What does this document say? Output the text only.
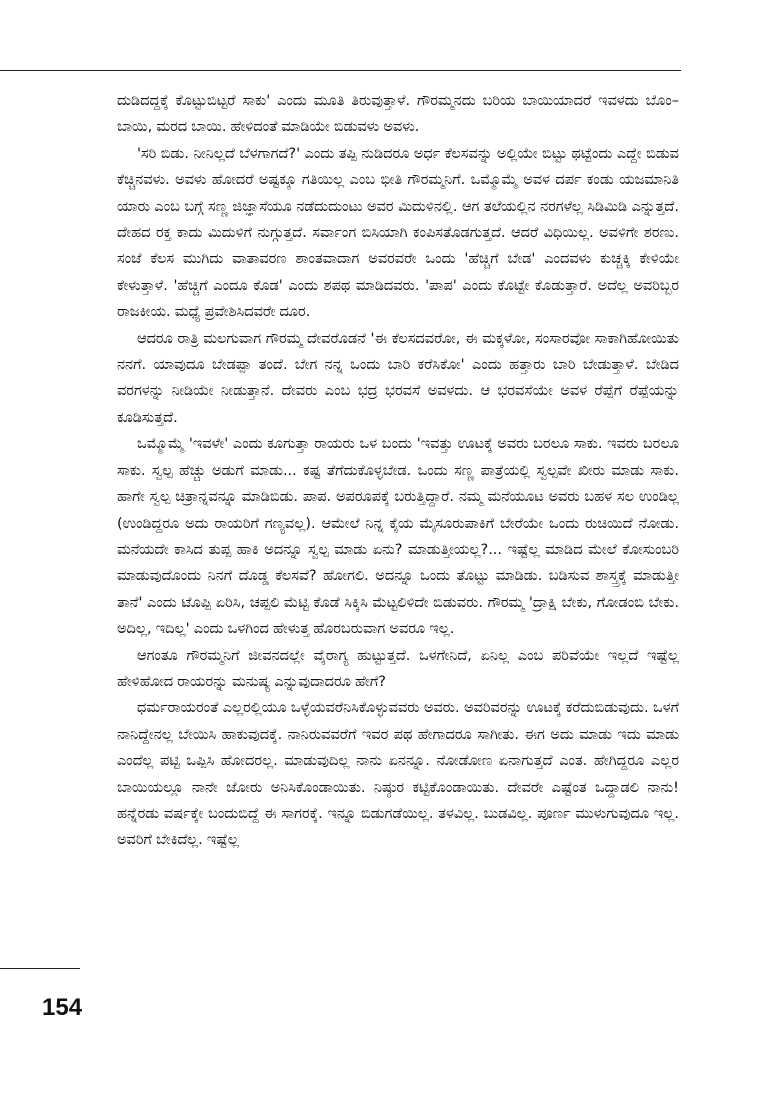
ದುಡಿದದ್ದಕ್ಕೆ ಕೊಟ್ಟುಬಿಟ್ಟರೆ ಸಾಕು' ಎಂದು ಮೂತಿ ತಿರುವುತ್ತಾಳೆ. ಗೌರಮ್ಮನದು ಬರಿಯ ಬಾಯಿಯಾದರೆ ಇವಳದು ಬೊಂ–ಬಾಯಿ, ಮರದ ಬಾಯಿ. ಹೇಳಿದಂತೆ ಮಾಡಿಯೇ ಬಿಡುವಳು ಅವಳು.

'ಸರಿ ಬಿಡು. ನೀನಿಲ್ಲದೆ ಬೆಳಗಾಗದೆ?' ಎಂದು ತಪ್ಪಿ ನುಡಿದರೂ ಅರ್ಧ ಕೆಲಸವನ್ನು ಅಲ್ಲಿಯೇ ಬಿಟ್ಟು ಥಟ್ಟೆಂದು ಎದ್ದೇ ಬಿಡುವ ಕೆಚ್ಚಿನವಳು. ಅವಳು ಹೋದರೆ ಅಷ್ಟಕ್ಕೂ ಗತಿಯಿಲ್ಲ ಎಂಬ ಭೀತಿ ಗೌರಮ್ಮನಿಗೆ. ಒಮ್ಮೊಮ್ಮೆ ಅವಳ ದರ್ಪ ಕಂಡು ಯಜಮಾನಿತಿ ಯಾರು ಎಂಬ ಬಗ್ಗೆ ಸಣ್ಣ ಜಿಜ್ಞಾಸೆಯೂ ನಡೆದುದುಂಟು ಅವರ ಮಿದುಳಿನಲ್ಲಿ. ಆಗ ತಲೆಯಲ್ಲಿನ ನರಗಳೆಲ್ಲ ಸಿಡಿಮಿಡಿ ಎನ್ನುತ್ತದೆ. ದೇಹದ ರಕ್ತ ಕಾದು ಮಿದುಳಿಗೆ ನುಗ್ಗುತ್ತದೆ. ಸರ್ವಾಂಗ ಬಿಸಿಯಾಗಿ ಕಂಪಿಸತೊಡಗುತ್ತದೆ. ಆದರೆ ವಿಧಿಯಿಲ್ಲ. ಅವಳಿಗೇ ಶರಣು. ಸಂಜೆ ಕೆಲಸ ಮುಗಿದು ವಾತಾವರಣ ಶಾಂತವಾದಾಗ ಅವರವರೇ ಒಂದು 'ಹೆಚ್ಚಿಗೆ ಬೇಡ' ಎಂದವಳು ಕುಚ್ಚಕ್ಕಿ ಕೇಳಿಯೇ ಕೇಳುತ್ತಾಳೆ. 'ಹೆಚ್ಚಿಗೆ ಎಂದೂ ಕೊಡ' ಎಂದು ಶಪಥ ಮಾಡಿದವರು. 'ಪಾಪ' ಎಂದು ಕೊಟ್ಟೇ ಕೊಡುತ್ತಾರೆ. ಅದೆಲ್ಲ ಅವರಿಬ್ಬರ ರಾಜಕೀಯ. ಮಧ್ಯೆ ಪ್ರವೇಶಿಸಿದವರೇ ದೂರ.

ಆದರೂ ರಾತ್ರಿ ಮಲಗುವಾಗ ಗೌರಮ್ಮ ದೇವರೊಡನೆ 'ಈ ಕೆಲಸದವರೋ, ಈ ಮಕ್ಕಳೋ, ಸಂಸಾರವೋ ಸಾಕಾಗಿಹೋಯಿತು ನನಗೆ. ಯಾವುದೂ ಬೇಡಪ್ಪಾ ತಂದೆ. ಬೇಗ ನನ್ನ ಒಂದು ಬಾರಿ ಕರೆಸಿಕೋ' ಎಂದು ಹತ್ತಾರು ಬಾರಿ ಬೇಡುತ್ತಾಳೆ. ಬೇಡಿದ ವರಗಳನ್ನು ನೀಡಿಯೇ ನೀಡುತ್ತಾನೆ. ದೇವರು ಎಂಬ ಭದ್ರ ಭರವಸೆ ಅವಳದು. ಆ ಭರವಸೆಯೇ ಅವಳ ರೆಪ್ಪೆಗೆ ರೆಪ್ಪೆಯನ್ನು ಕೂಡಿಸುತ್ತದೆ.

ಒಮ್ಮೊಮ್ಮೆ 'ಇವಳೇ' ಎಂದು ಕೂಗುತ್ತಾ ರಾಯರು ಒಳ ಬಂದು 'ಇವತ್ತು ಊಟಕ್ಕೆ ಅವರು ಬರಲೂ ಸಾಕು. ಇವರು ಬರಲೂ ಸಾಕು. ಸ್ವಲ್ಪ ಹೆಚ್ಚು ಅಡುಗೆ ಮಾಡು... ಕಷ್ಟ ತೆಗೆದುಕೊಳ್ಳಬೇಡ. ಒಂದು ಸಣ್ಣ ಪಾತ್ರೆಯಲ್ಲಿ ಸ್ವಲ್ಪವೇ ಖೀರು ಮಾಡು ಸಾಕು. ಹಾಗೇ ಸ್ವಲ್ಪ ಚಿತ್ರಾನ್ನವನ್ನೂ ಮಾಡಿಬಿಡು. ಪಾಪ. ಅಪರೂಪಕ್ಕೆ ಬರುತ್ತಿದ್ದಾರೆ. ನಮ್ಮ ಮನೆಯೂಟ ಅವರು ಬಹಳ ಸಲ ಉಂಡಿಲ್ಲ (ಉಂಡಿದ್ದರೂ ಅದು ರಾಯರಿಗೆ ಗಣ್ಯವಲ್ಲ). ಆಮೇಲೆ ನಿನ್ನ ಕೈಯ ಮೈಸೂರುಪಾಕಿಗೆ ಬೇರೆಯೇ ಒಂದು ರುಚಿಯಿದೆ ನೋಡು. ಮನೆಯದೇ ಕಾಸಿದ ತುಪ್ಪ ಹಾಕಿ ಅದನ್ನೂ ಸ್ವಲ್ಪ ಮಾಡು ಏನು? ಮಾಡುತ್ತೀಯಲ್ಲ?... ಇಷ್ಟೆಲ್ಲ ಮಾಡಿದ ಮೇಲೆ ಕೋಸುಂಬರಿ ಮಾಡುವುದೊಂದು ನಿನಗೆ ದೊಡ್ಡ ಕೆಲಸವೆ? ಹೋಗಲಿ. ಅದನ್ನೂ ಒಂದು ತೊಟ್ಟು ಮಾಡಿಡು. ಬಡಿಸುವ ಶಾಸ್ತ್ರಕ್ಕೆ ಮಾಡುತ್ತೀ ತಾನೆ' ಎಂದು ಟೊಪ್ಪಿ ಏರಿಸಿ, ಚಪ್ಪಲಿ ಮೆಟ್ಟಿ ಕೊಡೆ ಸಿಕ್ಕಿಸಿ ಮೆಟ್ಟಲಿಳಿದೇ ಬಿಡುವರು. ಗೌರಮ್ಮ 'ದ್ರಾಕ್ಷಿ ಬೇಕು, ಗೋಡಂಬಿ ಬೇಕು. ಅದಿಲ್ಲ, ಇದಿಲ್ಲ' ಎಂದು ಒಳಗಿಂದ ಹೇಳುತ್ತ ಹೊರಬರುವಾಗ ಅವರೂ ಇಲ್ಲ.

ಆಗಂತೂ ಗೌರಮ್ಮನಿಗೆ ಜೀವನದಲ್ಲೇ ವೈರಾಗ್ಯ ಹುಟ್ಟುತ್ತದೆ. ಒಳಗೇನಿದೆ, ಏನಿಲ್ಲ ಎಂಬ ಪರಿವೆಯೇ ಇಲ್ಲದೆ ಇಷ್ಟೆಲ್ಲ ಹೇಳಿಹೋದ ರಾಯರನ್ನು ಮನುಷ್ಯ ಎನ್ನುವುದಾದರೂ ಹೇಗೆ?

ಧರ್ಮರಾಯರಂತೆ ಎಲ್ಲರಲ್ಲಿಯೂ ಒಳ್ಳೆಯವರೆನಿಸಿಕೊಳ್ಳುವವರು ಅವರು. ಅವರಿವರನ್ನು ಊಟಕ್ಕೆ ಕರೆದುಬಿಡುವುದು. ಒಳಗೆ ನಾನಿದ್ದೇನಲ್ಲ ಬೇಯಿಸಿ ಹಾಕುವುದಕ್ಕೆ. ನಾನಿರುವವರೆಗೆ ಇವರ ಪಥ ಹೇಗಾದರೂ ಸಾಗೀತು. ಈಗ ಅದು ಮಾಡು ಇದು ಮಾಡು ಎಂದೆಲ್ಲ ಪಟ್ಟಿ ಒಪ್ಪಿಸಿ ಹೋದರಲ್ಲ. ಮಾಡುವುದಿಲ್ಲ ನಾನು ಏನನ್ನೂ. ನೋಡೋಣ ಏನಾಗುತ್ತದೆ ಎಂತ. ಹೇಗಿದ್ದರೂ ಎಲ್ಲರ ಬಾಯಿಯಲ್ಲೂ ನಾನೇ ಜೋರು ಅನಿಸಿಕೊಂಡಾಯಿತು. ನಿಷ್ಠುರ ಕಟ್ಟಿಕೊಂಡಾಯಿತು. ದೇವರೇ ಎಷ್ಟೆಂತ ಒದ್ದಾಡಲಿ ನಾನು! ಹನ್ನೆರಡು ವರ್ಷಕ್ಕೇ ಬಂದುಬಿದ್ದೆ ಈ ಸಾಗರಕ್ಕೆ. ಇನ್ನೂ ಬಿಡುಗಡೆಯಿಲ್ಲ. ತಳವಿಲ್ಲ. ಬುಡವಿಲ್ಲ. ಪೂರ್ಣ ಮುಳುಗುವುದೂ ಇಲ್ಲ. ಅವರಿಗೆ ಬೇಕಿದೆಲ್ಲ. ಇಷ್ಟೆಲ್ಲ

154
